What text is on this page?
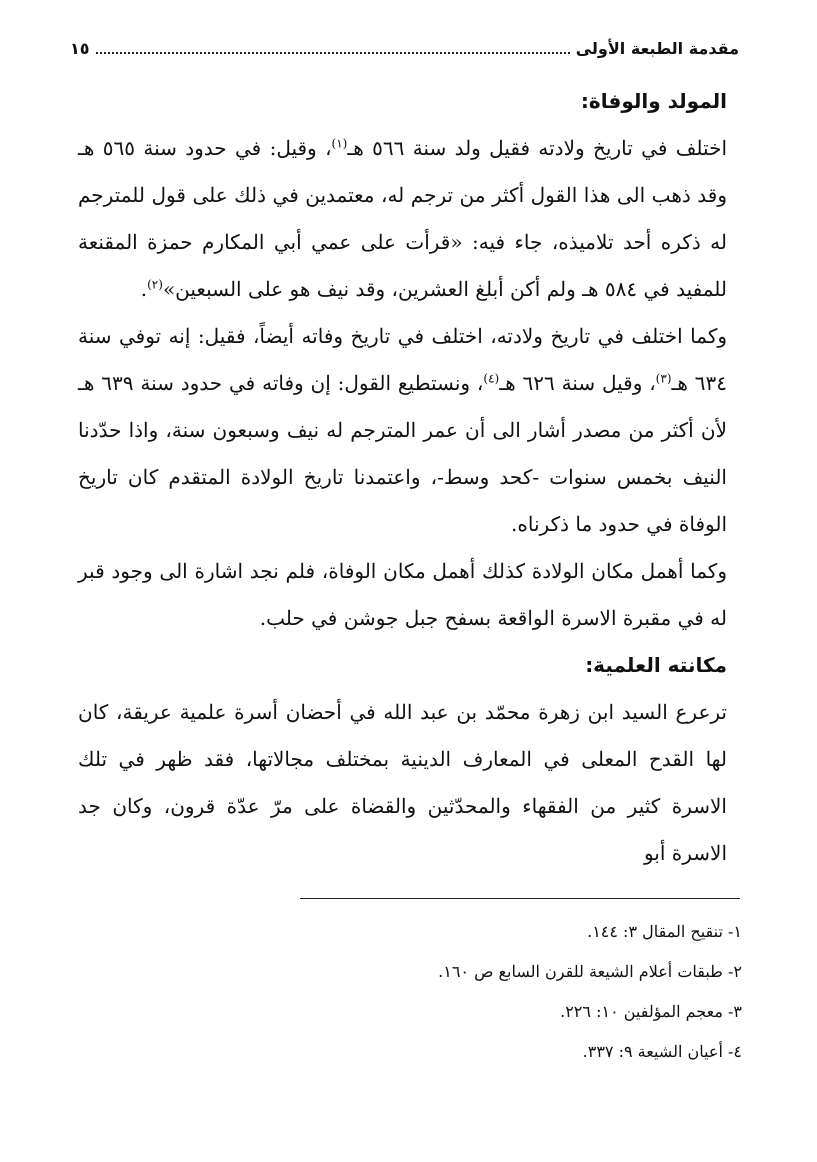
مقدمة الطبعة الأولى
١٥
المولد والوفاة:

اختلف في تاريخ ولادته فقيل ولد سنة ٥٦٦ هـ$^{(١)}$، وقيل: في حدود سنة ٥٦٥ هـ وقد ذهب الى هذا القول أكثر من ترجم له، معتمدين في ذلك على قول للمترجم له ذكره أحد تلاميذه، جاء فيه: «قرأت على عمي أبي المكارم حمزة المقنعة للمفيد في ٥٨٤ هـ ولم أكن أبلغ العشرين، وقد نيف هو على السبعين»$^{(٢)}$.

وكما اختلف في تاريخ ولادته، اختلف في تاريخ وفاته أيضاً، فقيل: إنه توفي سنة ٦٣٤ هـ$^{(٣)}$، وقيل سنة ٦٢٦ هـ$^{(٤)}$، ونستطيع القول: إن وفاته في حدود سنة ٦٣٩ هـ لأن أكثر من مصدر أشار الى أن عمر المترجم له نيف وسبعون سنة، واذا حدّدنا النيف بخمس سنوات -كحد وسط-، واعتمدنا تاريخ الولادة المتقدم كان تاريخ الوفاة في حدود ما ذكرناه.

وكما أهمل مكان الولادة كذلك أهمل مكان الوفاة، فلم نجد اشارة الى وجود قبر له في مقبرة الاسرة الواقعة بسفح جبل جوشن في حلب.

مكانته العلمية:

ترعرع السيد ابن زهرة محمّد بن عبد الله في أحضان أسرة علمية عريقة، كان لها القدح المعلى في المعارف الدينية بمختلف مجالاتها، فقد ظهر في تلك الاسرة كثير من الفقهاء والمحدّثين والقضاة على مرّ عدّة قرون، وكان جد الاسرة أبو

١- تنقيح المقال ٣: ١٤٤.

٢- طبقات أعلام الشيعة للقرن السابع ص ١٦٠.

٣- معجم المؤلفين ١٠: ٢٢٦.

٤- أعيان الشيعة ٩: ٣٣٧.
